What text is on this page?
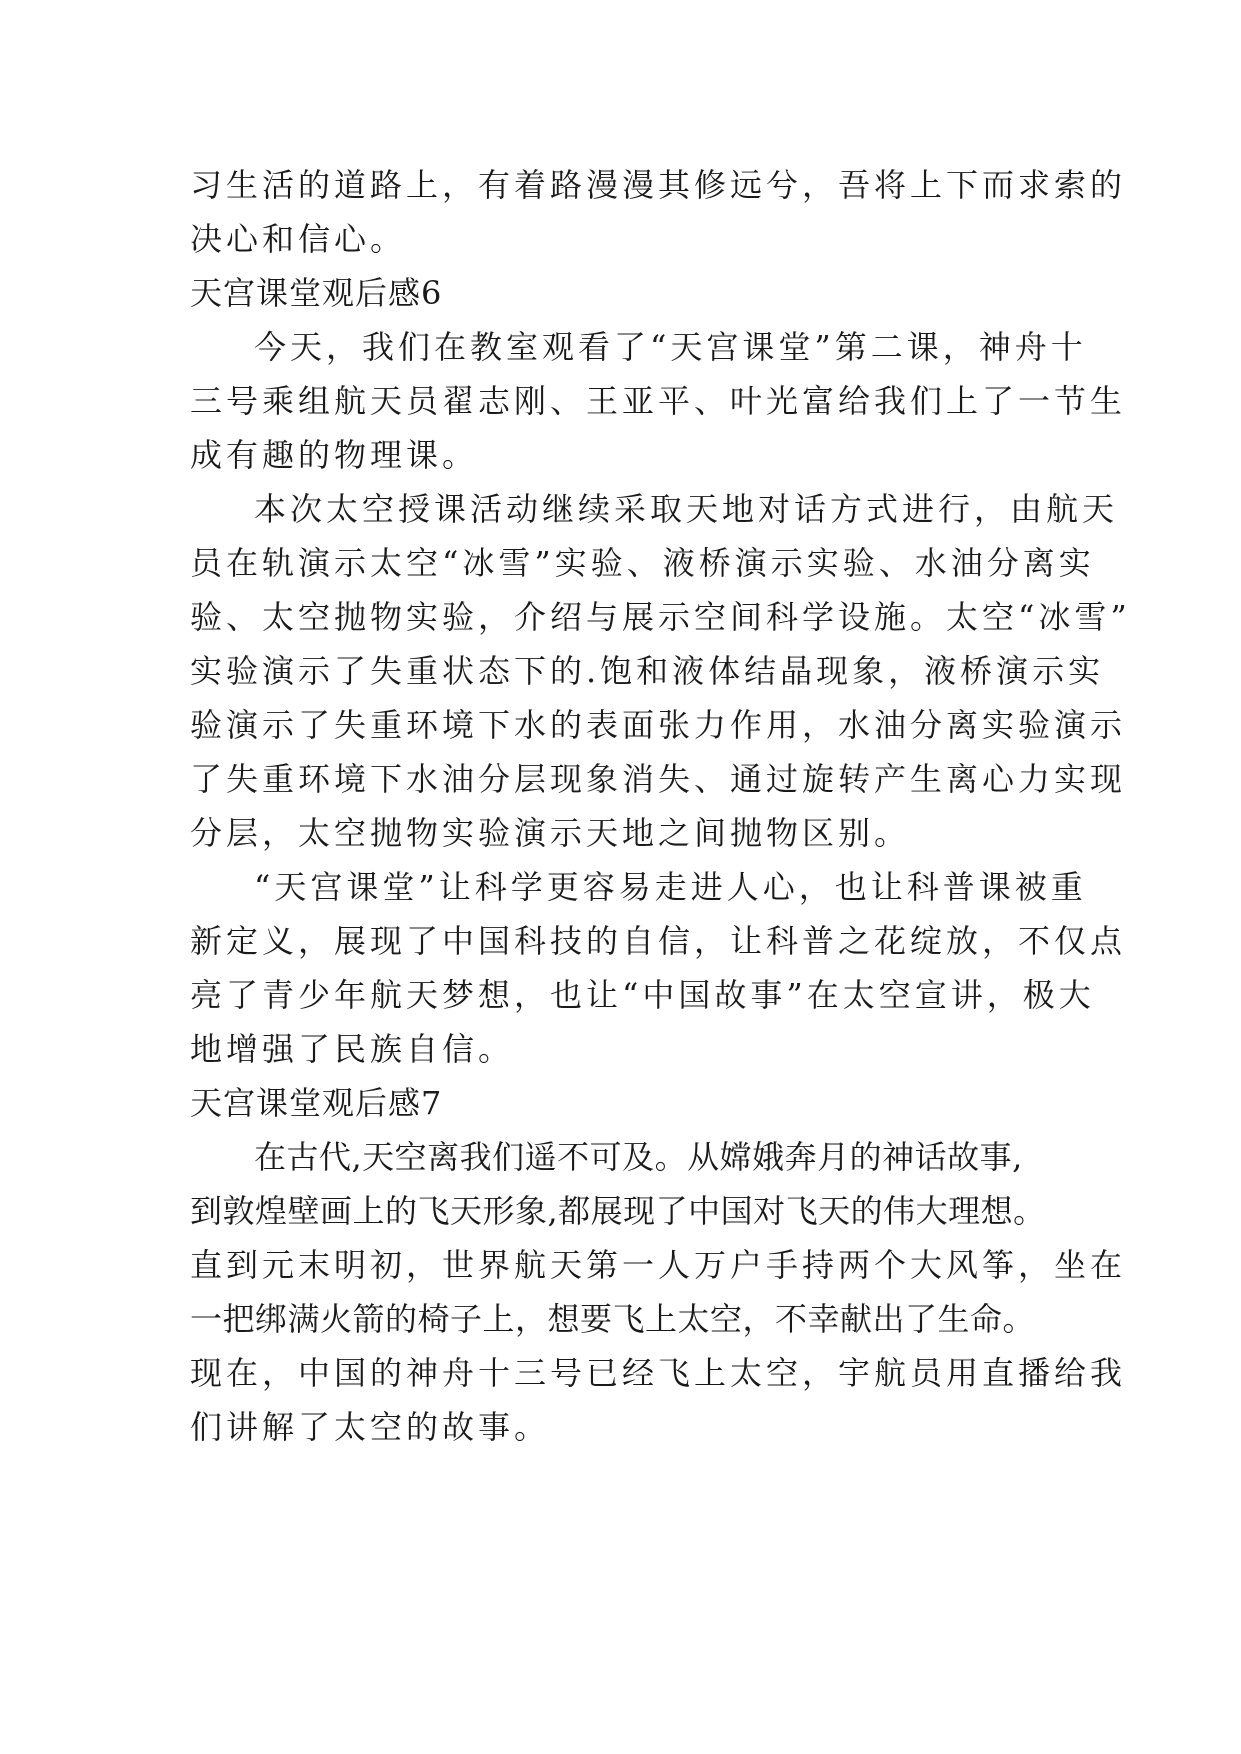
习生活的道路上，有着路漫漫其修远兮，吾将上下而求索的
决心和信心。
天宫课堂观后感6
今天，我们在教室观看了“天宫课堂”第二课，神舟十
三号乘组航天员翟志刚、王亚平、叶光富给我们上了一节生
成有趣的物理课。
本次太空授课活动继续采取天地对话方式进行，由航天
员在轨演示太空“冰雪”实验、液桥演示实验、水油分离实
验、太空抛物实验，介绍与展示空间科学设施。太空“冰雪”
实验演示了失重状态下的.饱和液体结晶现象，液桥演示实
验演示了失重环境下水的表面张力作用，水油分离实验演示
了失重环境下水油分层现象消失、通过旋转产生离心力实现
分层，太空抛物实验演示天地之间抛物区别。
“天宫课堂”让科学更容易走进人心，也让科普课被重
新定义，展现了中国科技的自信，让科普之花绽放，不仅点
亮了青少年航天梦想，也让“中国故事”在太空宣讲，极大
地增强了民族自信。
天宫课堂观后感7
在古代,天空离我们遥不可及。从嫦娥奔月的神话故事,
到敦煌壁画上的飞天形象,都展现了中国对飞天的伟大理想。
直到元末明初，世界航天第一人万户手持两个大风筝，坐在
一把绑满火箭的椅子上，想要飞上太空，不幸献出了生命。
现在，中国的神舟十三号已经飞上太空，宇航员用直播给我
们讲解了太空的故事。
